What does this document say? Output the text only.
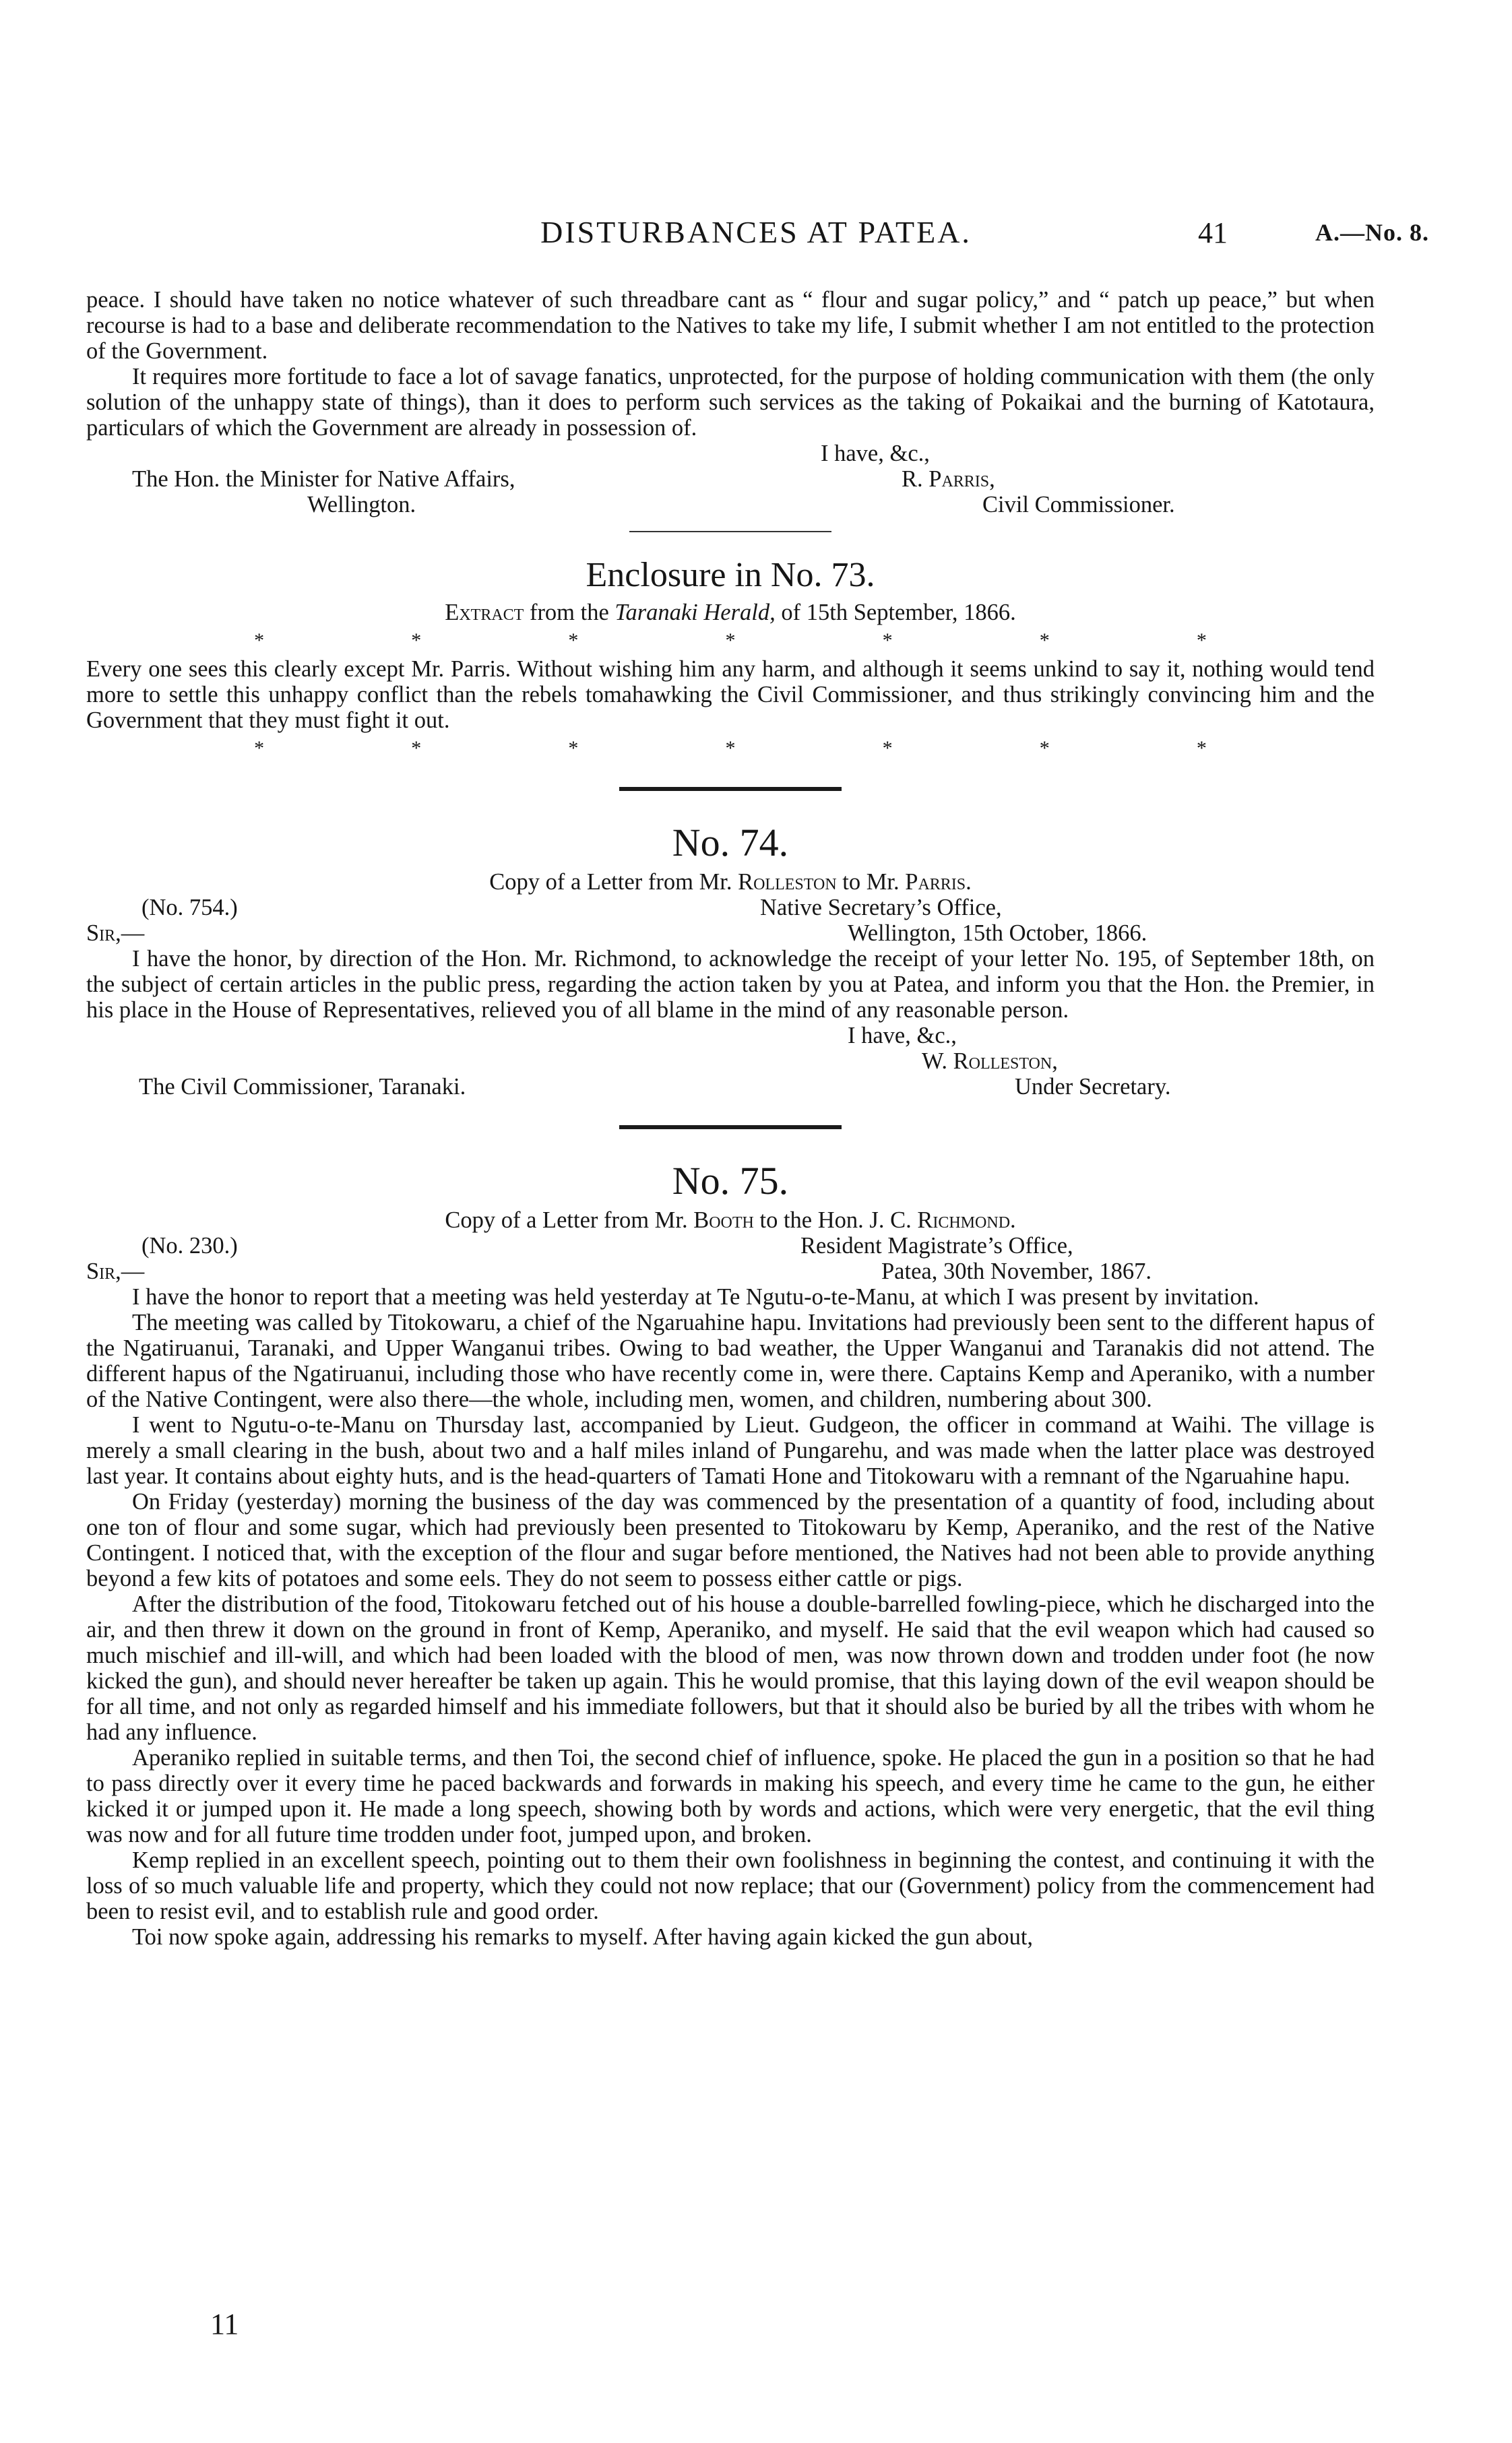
DISTURBANCES AT PATEA.	41	A.—No. 8.

peace. I should have taken no notice whatever of such threadbare cant as “ flour and sugar policy,” and “ patch up peace,” but when recourse is had to a base and deliberate recommendation to the Natives to take my life, I submit whether I am not entitled to the protection of the Government.

It requires more fortitude to face a lot of savage fanatics, unprotected, for the purpose of holding communication with them (the only solution of the unhappy state of things), than it does to perform such services as the taking of Pokaikai and the burning of Katotaura, particulars of which the Government are already in possession of.

I have, &c.,
The Hon. the Minister for Native Affairs,	R. Parris,
Wellington.	Civil Commissioner.
Enclosure in No. 73.
Extract from the Taranaki Herald, of 15th September, 1866.
*	*	*	*	*	*	*

Every one sees this clearly except Mr. Parris. Without wishing him any harm, and although it seems unkind to say it, nothing would tend more to settle this unhappy conflict than the rebels tomahawking the Civil Commissioner, and thus strikingly convincing him and the Government that they must fight it out.

*	*	*	*	*	*	*
No. 74.
Copy of a Letter from Mr. Rolleston to Mr. Parris.
(No. 754.)	Native Secretary’s Office,
Sir,—	Wellington, 15th October, 1866.

I have the honor, by direction of the Hon. Mr. Richmond, to acknowledge the receipt of your letter No. 195, of September 18th, on the subject of certain articles in the public press, regarding the action taken by you at Patea, and inform you that the Hon. the Premier, in his place in the House of Representatives, relieved you of all blame in the mind of any reasonable person.

I have, &c.,
W. Rolleston,
The Civil Commissioner, Taranaki.	Under Secretary.
No. 75.
Copy of a Letter from Mr. Booth to the Hon. J. C. Richmond.
(No. 230.)	Resident Magistrate’s Office,
Sir,—	Patea, 30th November, 1867.

I have the honor to report that a meeting was held yesterday at Te Ngutu-o-te-Manu, at which I was present by invitation.

The meeting was called by Titokowaru, a chief of the Ngaruahine hapu. Invitations had previously been sent to the different hapus of the Ngatiruanui, Taranaki, and Upper Wanganui tribes. Owing to bad weather, the Upper Wanganui and Taranakis did not attend. The different hapus of the Ngatiruanui, including those who have recently come in, were there. Captains Kemp and Aperaniko, with a number of the Native Contingent, were also there—the whole, including men, women, and children, numbering about 300.

I went to Ngutu-o-te-Manu on Thursday last, accompanied by Lieut. Gudgeon, the officer in command at Waihi. The village is merely a small clearing in the bush, about two and a half miles inland of Pungarehu, and was made when the latter place was destroyed last year. It contains about eighty huts, and is the head-quarters of Tamati Hone and Titokowaru with a remnant of the Ngaruahine hapu.

On Friday (yesterday) morning the business of the day was commenced by the presentation of a quantity of food, including about one ton of flour and some sugar, which had previously been presented to Titokowaru by Kemp, Aperaniko, and the rest of the Native Contingent. I noticed that, with the exception of the flour and sugar before mentioned, the Natives had not been able to provide anything beyond a few kits of potatoes and some eels. They do not seem to possess either cattle or pigs.

After the distribution of the food, Titokowaru fetched out of his house a double-barrelled fowling-piece, which he discharged into the air, and then threw it down on the ground in front of Kemp, Aperaniko, and myself. He said that the evil weapon which had caused so much mischief and ill-will, and which had been loaded with the blood of men, was now thrown down and trodden under foot (he now kicked the gun), and should never hereafter be taken up again. This he would promise, that this laying down of the evil weapon should be for all time, and not only as regarded himself and his immediate followers, but that it should also be buried by all the tribes with whom he had any influence.

Aperaniko replied in suitable terms, and then Toi, the second chief of influence, spoke. He placed the gun in a position so that he had to pass directly over it every time he paced backwards and forwards in making his speech, and every time he came to the gun, he either kicked it or jumped upon it. He made a long speech, showing both by words and actions, which were very energetic, that the evil thing was now and for all future time trodden under foot, jumped upon, and broken.

Kemp replied in an excellent speech, pointing out to them their own foolishness in beginning the contest, and continuing it with the loss of so much valuable life and property, which they could not now replace; that our (Government) policy from the commencement had been to resist evil, and to establish rule and good order.

Toi now spoke again, addressing his remarks to myself. After having again kicked the gun about,

11
